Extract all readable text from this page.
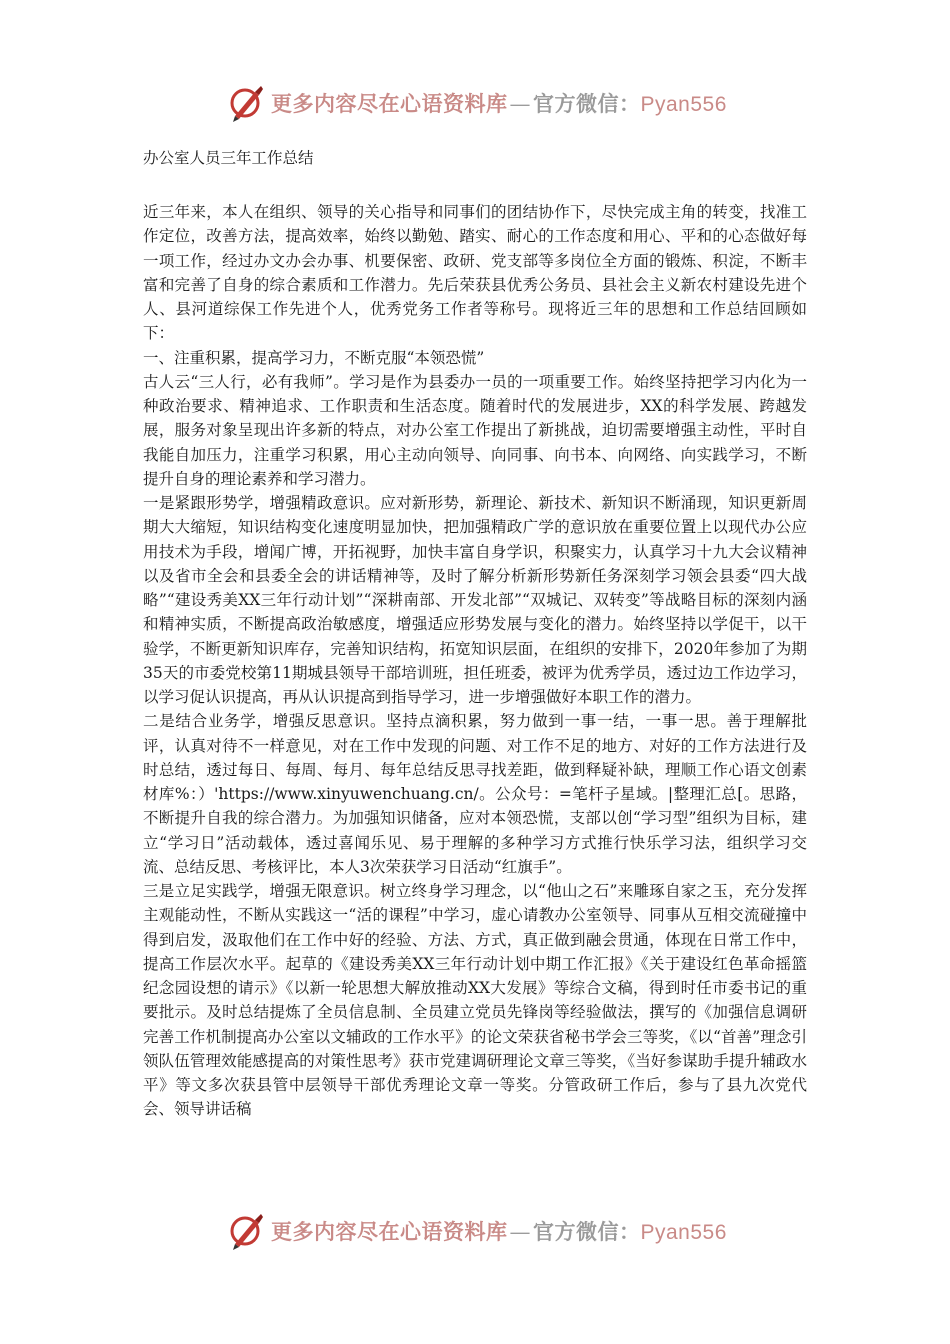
更多内容尽在心语资料库—官方微信：Pyan556
办公室人员三年工作总结

近三年来，本人在组织、领导的关心指导和同事们的团结协作下，尽快完成主角的转变，找准工作定位，改善方法，提高效率，始终以勤勉、踏实、耐心的工作态度和用心、平和的心态做好每一项工作，经过办文办会办事、机要保密、政研、党支部等多岗位全方面的锻炼、积淀，不断丰富和完善了自身的综合素质和工作潜力。先后荣获县优秀公务员、县社会主义新农村建设先进个人、县河道综保工作先进个人，优秀党务工作者等称号。现将近三年的思想和工作总结回顾如下：

一、注重积累，提高学习力，不断克服“本领恐慌”

古人云“三人行，必有我师”。学习是作为县委办一员的一项重要工作。始终坚持把学习内化为一种政治要求、精神追求、工作职责和生活态度。随着时代的发展进步，XX的科学发展、跨越发展，服务对象呈现出许多新的特点，对办公室工作提出了新挑战，迫切需要增强主动性，平时自我能自加压力，注重学习积累，用心主动向领导、向同事、向书本、向网络、向实践学习，不断提升自身的理论素养和学习潜力。

一是紧跟形势学，增强精政意识。应对新形势，新理论、新技术、新知识不断涌现，知识更新周期大大缩短，知识结构变化速度明显加快，把加强精政广学的意识放在重要位置上以现代办公应用技术为手段，增闻广博，开拓视野，加快丰富自身学识，积聚实力，认真学习十九大会议精神以及省市全会和县委全会的讲话精神等，及时了解分析新形势新任务深刻学习领会县委“四大战略”“建设秀美XX三年行动计划”“深耕南部、开发北部”“双城记、双转变”等战略目标的深刻内涵和精神实质，不断提高政治敏感度，增强适应形势发展与变化的潜力。始终坚持以学促干，以干验学，不断更新知识库存，完善知识结构，拓宽知识层面，在组织的安排下，2020年参加了为期35天的市委党校第11期城县领导干部培训班，担任班委，被评为优秀学员，透过边工作边学习，以学习促认识提高，再从认识提高到指导学习，进一步增强做好本职工作的潜力。

二是结合业务学，增强反思意识。坚持点滴积累，努力做到一事一结，一事一思。善于理解批评，认真对待不一样意见，对在工作中发现的问题、对工作不足的地方、对好的工作方法进行及时总结，透过每日、每周、每月、每年总结反思寻找差距，做到释疑补缺，理顺工作心语文创素材库%：）'https://www.xinyuwenchuang.cn/。公众号：=笔杆子星域。|整理汇总[。思路，不断提升自我的综合潜力。为加强知识储备，应对本领恐慌，支部以创“学习型”组织为目标，建立“学习日”活动载体，透过喜闻乐见、易于理解的多种学习方式推行快乐学习法，组织学习交流、总结反思、考核评比，本人3次荣获学习日活动“红旗手”。

三是立足实践学，增强无限意识。树立终身学习理念，以“他山之石”来雕琢自家之玉，充分发挥主观能动性，不断从实践这一“活的课程”中学习，虚心请教办公室领导、同事从互相交流碰撞中得到启发，汲取他们在工作中好的经验、方法、方式，真正做到融会贯通，体现在日常工作中，提高工作层次水平。起草的《建设秀美XX三年行动计划中期工作汇报》《关于建设红色革命摇篮纪念园设想的请示》《以新一轮思想大解放推动XX大发展》等综合文稿，得到时任市委书记的重要批示。及时总结提炼了全员信息制、全员建立党员先锋岗等经验做法，撰写的《加强信息调研完善工作机制提高办公室以文辅政的工作水平》的论文荣获省秘书学会三等奖，《以“首善”理念引领队伍管理效能感提高的对策性思考》获市党建调研理论文章三等奖，《当好参谋助手提升辅政水平》等文多次获县管中层领导干部优秀理论文章一等奖。分管政研工作后，参与了县九次党代会、领导讲话稿

更多内容尽在心语资料库—官方微信：Pyan556
